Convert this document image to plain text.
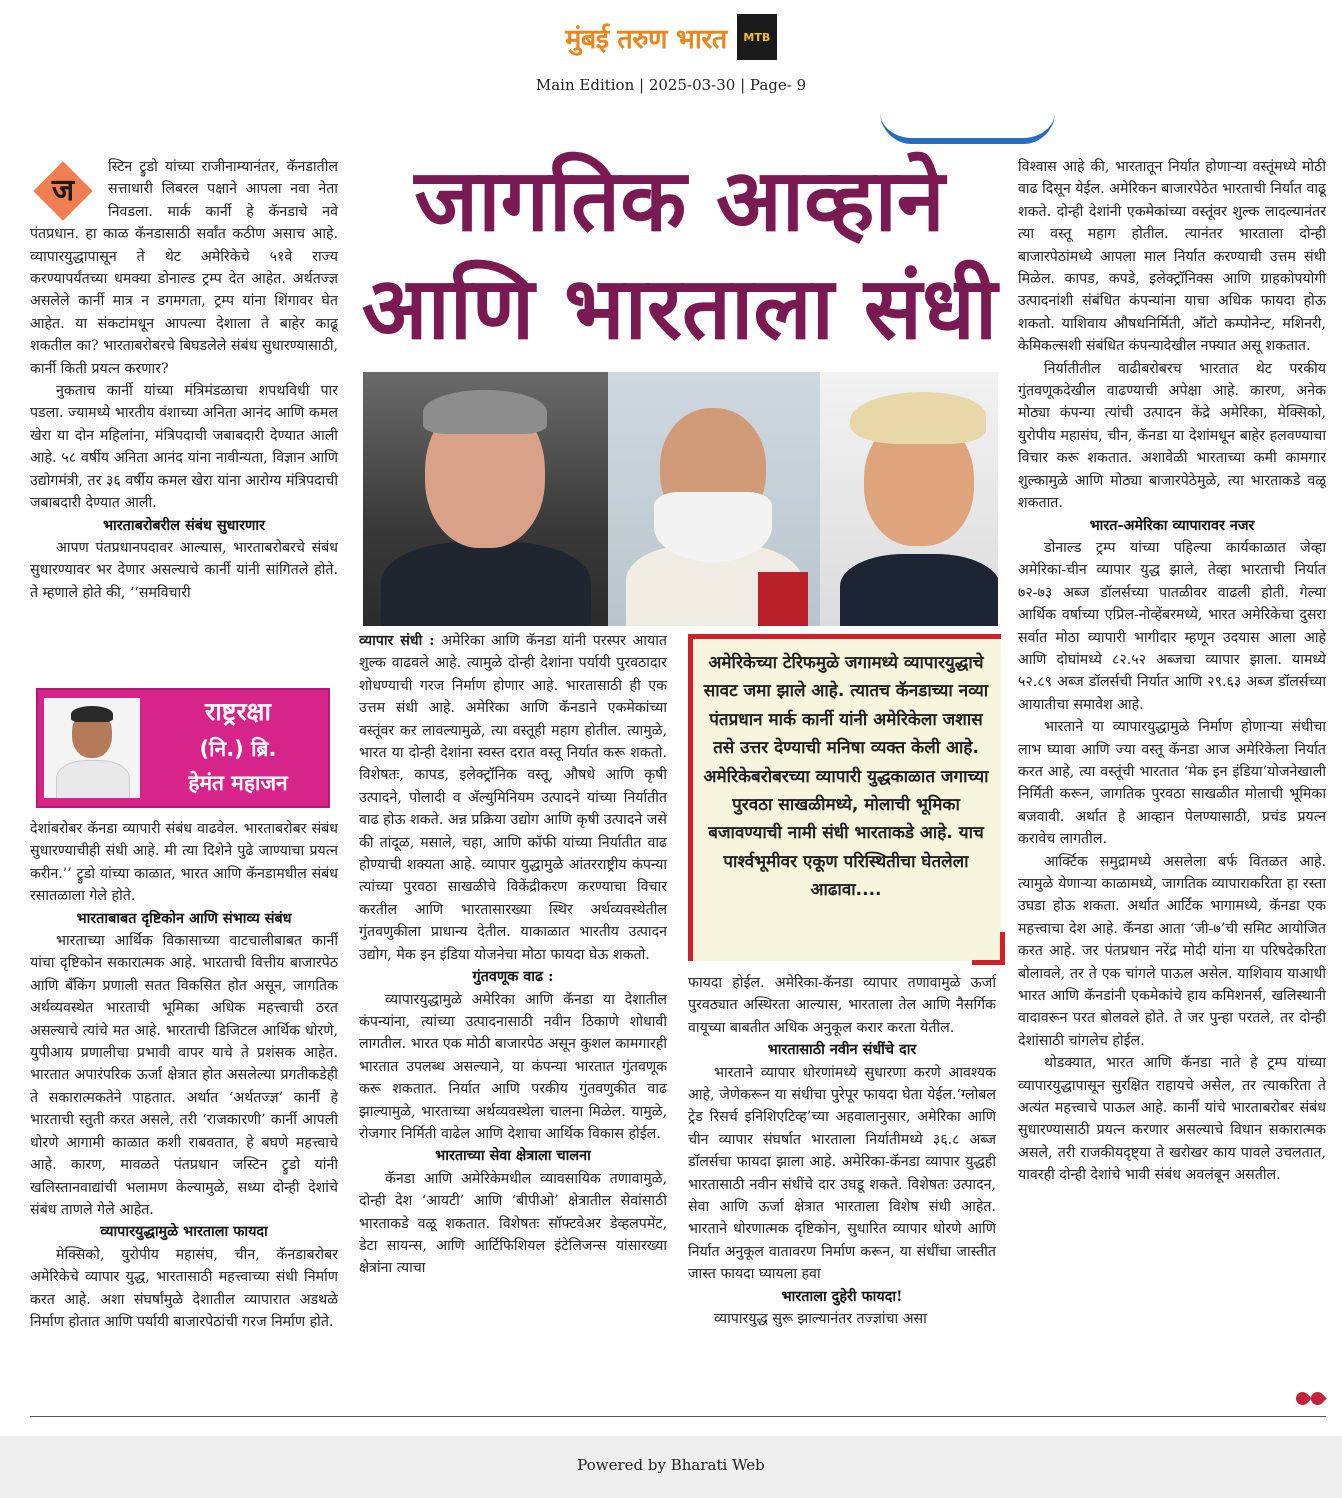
मुंबई तरुण भारत	MTB
Main Edition | 2025-03-30 | Page- 9
ज

स्टिन ट्रुडो यांच्या राजीनाम्यानंतर, कॅनडातील सत्ताधारी लिबरल पक्षाने आपला नवा नेता निवडला. मार्क कार्नी हे कॅनडाचे नवे पंतप्रधान. हा काळ कॅनडासाठी सर्वांत कठीण असाच आहे. व्यापारयुद्धापासून ते थेट अमेरिकेचे ५१वे राज्य करण्यापर्यंतच्या धमक्या डोनाल्ड ट्रम्प देत आहेत. अर्थतज्ज्ञ असलेले कार्नी मात्र न डगमगता, ट्रम्प यांना शिंगावर घेत आहेत. या संकटांमधून आपल्या देशाला ते बाहेर काढू शकतील का? भारताबरोबरचे बिघडलेले संबंध सुधारण्यासाठी, कार्नी किती प्रयत्न करणार?

नुकताच कार्नी यांच्या मंत्रिमंडळाचा शपथविधी पार पडला. ज्यामध्ये भारतीय वंशाच्या अनिता आनंद आणि कमल खेरा या दोन महिलांना, मंत्रिपदाची जबाबदारी देण्यात आली आहे. ५८ वर्षीय अनिता आनंद यांना नावीन्यता, विज्ञान आणि उद्योगमंत्री, तर ३६ वर्षीय कमल खेरा यांना आरोग्य मंत्रिपदाची जबाबदारी देण्यात आली.

भारताबरोबरील संबंध सुधारणार

आपण पंतप्रधानपदावर आल्यास, भारताबरोबरचे संबंध सुधारण्यावर भर देणार असल्याचे कार्नी यांनी सांगितले होते. ते म्हणाले होते की, ‘‘समविचारी

राष्ट्ररक्षा
(नि.) ब्रि.
हेमंत महाजन

देशांबरोबर कॅनडा व्यापारी संबंध वाढवेल. भारताबरोबर संबंध सुधारण्याचीही संधी आहे. मी त्या दिशेने पुढे जाण्याचा प्रयत्न करीन.’’ ट्रुडो यांच्या काळात, भारत आणि कॅनडामधील संबंध रसातळाला गेले होते.

भारताबाबत दृष्टिकोन आणि संभाव्य संबंध

भारताच्या आर्थिक विकासाच्या वाटचालीबाबत कार्नी यांचा दृष्टिकोन सकारात्मक आहे. भारताची वित्तीय बाजारपेठ आणि बँकिंग प्रणाली सतत विकसित होत असून, जागतिक अर्थव्यवस्थेत भारताची भूमिका अधिक महत्त्वाची ठरत असल्याचे त्यांचे मत आहे. भारताची डिजिटल आर्थिक धोरणे, युपीआय प्रणालीचा प्रभावी वापर याचे ते प्रशंसक आहेत. भारतात अपारंपरिक ऊर्जा क्षेत्रात होत असलेल्या प्रगतीकडेही ते सकारात्मकतेने पाहतात. अर्थात ‘अर्थतज्ज्ञ’ कार्नी हे भारताची स्तुती करत असले, तरी ‘राजकारणी’ कार्नी आपली धोरणे आगामी काळात कशी राबवतात, हे बघणे महत्त्वाचे आहे. कारण, मावळते पंतप्रधान जस्टिन ट्रुडो यांनी खलिस्तानवाद्यांची भलामण केल्यामुळे, सध्या दोन्ही देशांचे संबंध ताणले गेले आहेत.

व्यापारयुद्धामुळे भारताला फायदा

मेक्सिको, युरोपीय महासंघ, चीन, कॅनडाबरोबर अमेरिकेचे व्यापार युद्ध, भारतासाठी महत्त्वाच्या संधी निर्माण करत आहे. अशा संघर्षांमुळे देशातील व्यापारात अडथळे निर्माण होतात आणि पर्यायी बाजारपेठांची गरज निर्माण होते.

जागतिक आव्हाने
आणि भारताला संधी

व्यापार संधी : अमेरिका आणि कॅनडा यांनी परस्पर आयात शुल्क वाढवले आहे. त्यामुळे दोन्ही देशांना पर्यायी पुरवठादार शोधण्याची गरज निर्माण होणार आहे. भारतासाठी ही एक उत्तम संधी आहे. अमेरिका आणि कॅनडाने एकमेकांच्या वस्तूंवर कर लावल्यामुळे, त्या वस्तूही महाग होतील. त्यामुळे, भारत या दोन्ही देशांना स्वस्त दरात वस्तू निर्यात करू शकतो. विशेषतः, कापड, इलेक्ट्रॉनिक वस्तू, औषधे आणि कृषी उत्पादने, पोलादी व अ‍ॅल्युमिनियम उत्पादने यांच्या निर्यातीत वाढ होऊ शकते. अन्न प्रक्रिया उद्योग आणि कृषी उत्पादने जसे की तांदूळ, मसाले, चहा, आणि कॉफी यांच्या निर्यातीत वाढ होण्याची शक्यता आहे. व्यापार युद्धामुळे आंतरराष्ट्रीय कंपन्या त्यांच्या पुरवठा साखळीचे विकेंद्रीकरण करण्याचा विचार करतील आणि भारतासारख्या स्थिर अर्थव्यवस्थेतील गुंतवणुकीला प्राधान्य देतील. याकाळात भारतीय उत्पादन उद्योग, मेक इन इंडिया योजनेचा मोठा फायदा घेऊ शकतो.

गुंतवणूक वाढ :

व्यापारयुद्धामुळे अमेरिका आणि कॅनडा या देशातील कंपन्यांना, त्यांच्या उत्पादनासाठी नवीन ठिकाणे शोधावी लागतील. भारत एक मोठी बाजारपेठ असून कुशल कामगारही भारतात उपलब्ध असल्याने, या कंपन्या भारतात गुंतवणूक करू शकतात. निर्यात आणि परकीय गुंतवणुकीत वाढ झाल्यामुळे, भारताच्या अर्थव्यवस्थेला चालना मिळेल. यामुळे, रोजगार निर्मिती वाढेल आणि देशाचा आर्थिक विकास होईल.

भारताच्या सेवा क्षेत्राला चालना

कॅनडा आणि अमेरिकेमधील व्यावसायिक तणावामुळे, दोन्ही देश ‘आयटी’ आणि ‘बीपीओ’ क्षेत्रातील सेवांसाठी भारताकडे वळू शकतात. विशेषतः सॉफ्टवेअर डेव्हलपमेंट, डेटा सायन्स, आणि आर्टिफिशियल इंटेलिजन्स यांसारख्या क्षेत्रांना त्याचा

अमेरिकेच्या टेरिफमुळे जगामध्ये व्यापारयुद्धाचे सावट जमा झाले आहे. त्यातच कॅनडाच्या नव्या पंतप्रधान मार्क कार्नी यांनी अमेरिकेला जशास तसे उत्तर देण्याची मनिषा व्यक्त केली आहे. अमेरिकेबरोबरच्या व्यापारी युद्धकाळात जगाच्या पुरवठा साखळीमध्ये, मोलाची भूमिका बजावण्याची नामी संधी भारताकडे आहे. याच पार्श्वभूमीवर एकूण परिस्थितीचा घेतलेला आढावा....

फायदा होईल. अमेरिका-कॅनडा व्यापार तणावामुळे ऊर्जा पुरवठ्यात अस्थिरता आल्यास, भारताला तेल आणि नैसर्गिक वायूच्या बाबतीत अधिक अनुकूल करार करता येतील.

भारतासाठी नवीन संधींचे दार

भारताने व्यापार धोरणांमध्ये सुधारणा करणे आवश्यक आहे, जेणेकरून या संधीचा पुरेपूर फायदा घेता येईल.‘ग्लोबल ट्रेड रिसर्च इनिशिएटिव्ह’च्या अहवालानुसार, अमेरिका आणि चीन व्यापार संघर्षात भारताला निर्यातीमध्ये ३६.८ अब्ज डॉलर्सचा फायदा झाला आहे. अमेरिका-कॅनडा व्यापार युद्धही भारतासाठी नवीन संधींचे दार उघडू शकते. विशेषतः उत्पादन, सेवा आणि ऊर्जा क्षेत्रात भारताला विशेष संधी आहेत. भारताने धोरणात्मक दृष्टिकोन, सुधारित व्यापार धोरणे आणि निर्यात अनुकूल वातावरण निर्माण करून, या संधींचा जास्तीत जास्त फायदा घ्यायला हवा

भारताला दुहेरी फायदा!

व्यापारयुद्ध सुरू झाल्यानंतर तज्ज्ञांचा असा

विश्वास आहे की, भारतातून निर्यात होणाऱ्या वस्तूंमध्ये मोठी वाढ दिसून येईल. अमेरिकन बाजारपेठेत भारताची निर्यात वाढू शकते. दोन्ही देशांनी एकमेकांच्या वस्तूंवर शुल्क लादल्यानंतर त्या वस्तू महाग होतील. त्यानंतर भारताला दोन्ही बाजारपेठांमध्ये आपला माल निर्यात करण्याची उत्तम संधी मिळेल. कापड, कपडे, इलेक्ट्रॉनिक्स आणि ग्राहकोपयोगी उत्पादनांशी संबंधित कंपन्यांना याचा अधिक फायदा होऊ शकतो. याशिवाय औषधनिर्मिती, ऑटो कम्पोनेन्ट, मशिनरी, केमिकल्सशी संबंधित कंपन्यादेखील नफ्यात असू शकतात.

निर्यातीतील वाढीबरोबरच भारतात थेट परकीय गुंतवणूकदेखील वाढण्याची अपेक्षा आहे. कारण, अनेक मोठ्या कंपन्या त्यांची उत्पादन केंद्रे अमेरिका, मेक्सिको, युरोपीय महासंघ, चीन, कॅनडा या देशांमधून बाहेर हलवण्याचा विचार करू शकतात. अशावेळी भारताच्या कमी कामगार शुल्कामुळे आणि मोठ्या बाजारपेठेमुळे, त्या भारताकडे वळू शकतात.

भारत-अमेरिका व्यापारावर नजर

डोनाल्ड ट्रम्प यांच्या पहिल्या कार्यकाळात जेव्हा अमेरिका-चीन व्यापार युद्ध झाले, तेव्हा भारताची निर्यात ७२-७३ अब्ज डॉलर्सच्या पातळीवर वाढली होती. गेल्या आर्थिक वर्षाच्या एप्रिल-नोव्हेंबरमध्ये, भारत अमेरिकेचा दुसरा सर्वात मोठा व्यापारी भागीदार म्हणून उदयास आला आहे आणि दोघांमध्ये ८२.५२ अब्जचा व्यापार झाला. यामध्ये ५२.८९ अब्ज डॉलर्सची निर्यात आणि २९.६३ अब्ज डॉलर्सच्या आयातीचा समावेश आहे.

भारताने या व्यापारयुद्धामुळे निर्माण होणाऱ्या संधीचा लाभ घ्यावा आणि ज्या वस्तू कॅनडा आज अमेरिकेला निर्यात करत आहे, त्या वस्तूंची भारतात ‘मेक इन इंडिया’योजनेखाली निर्मिती करून, जागतिक पुरवठा साखळीत मोलाची भूमिका बजवावी. अर्थात हे आव्हान पेलण्यासाठी, प्रचंड प्रयत्न करावेच लागतील.

आर्क्टिक समुद्रामध्ये असलेला बर्फ वितळत आहे. त्यामुळे येणाऱ्या काळामध्ये, जागतिक व्यापाराकरिता हा रस्ता उघडा होऊ शकता. अर्थात आर्टिक भागामध्ये, कॅनडा एक महत्त्वाचा देश आहे. कॅनडा आता ‘जी-७’ची समिट आयोजित करत आहे. जर पंतप्रधान नरेंद्र मोदी यांना या परिषदेकरिता बोलावले, तर ते एक चांगले पाऊल असेल. याशिवाय याआधी भारत आणि कॅनडांनी एकमेकांचे हाय कमिशनर्स, खलिस्थानी वादावरून परत बोलवले होते. ते जर पुन्हा परतले, तर दोन्ही देशांसाठी चांगलेच होईल.

थोडक्यात, भारत आणि कॅनडा नाते हे ट्रम्प यांच्या व्यापारयुद्धापासून सुरक्षित राहायचे असेल, तर त्याकरिता ते अत्यंत महत्त्वाचे पाऊल आहे. कार्नी यांचे भारताबरोबर संबंध सुधारण्यासाठी प्रयत्न करणार असल्याचे विधान सकारात्मक असले, तरी राजकीयदृष्ट्या ते खरोखर काय पावले उचलतात, यावरही दोन्ही देशांचे भावी संबंध अवलंबून असतील.

Powered by Bharati Web
